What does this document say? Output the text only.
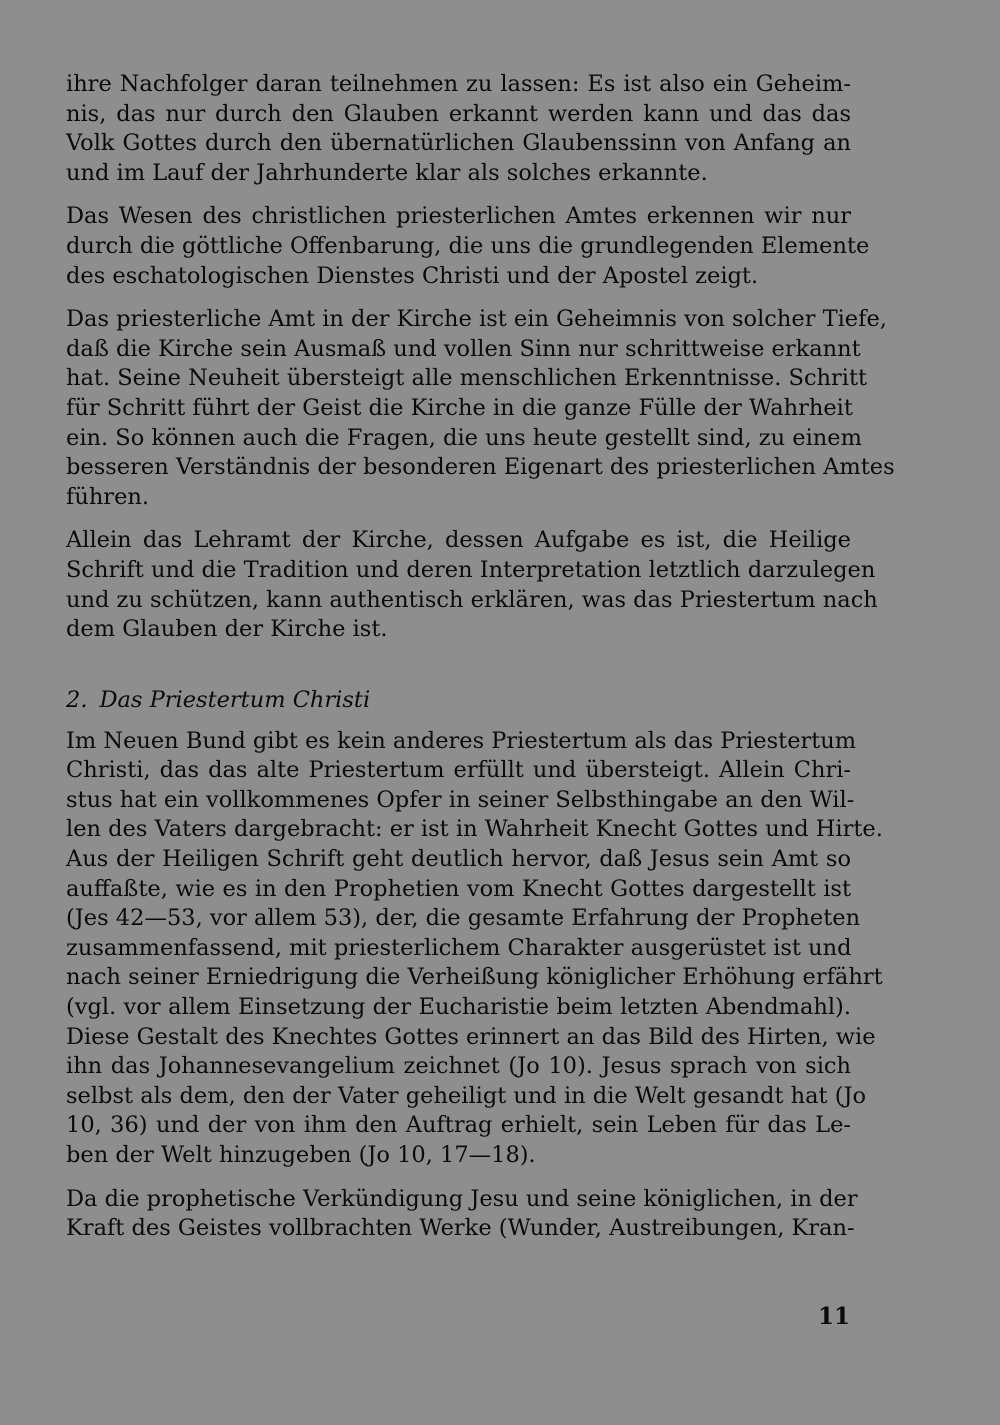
ihre Nachfolger daran teilnehmen zu lassen: Es ist also ein Geheim-
nis, das nur durch den Glauben erkannt werden kann und das das
Volk Gottes durch den übernatürlichen Glaubenssinn von Anfang an
und im Lauf der Jahrhunderte klar als solches erkannte.

Das Wesen des christlichen priesterlichen Amtes erkennen wir nur
durch die göttliche Offenbarung, die uns die grundlegenden Elemente
des eschatologischen Dienstes Christi und der Apostel zeigt.

Das priesterliche Amt in der Kirche ist ein Geheimnis von solcher Tiefe,
daß die Kirche sein Ausmaß und vollen Sinn nur schrittweise erkannt
hat. Seine Neuheit übersteigt alle menschlichen Erkenntnisse. Schritt
für Schritt führt der Geist die Kirche in die ganze Fülle der Wahrheit
ein. So können auch die Fragen, die uns heute gestellt sind, zu einem
besseren Verständnis der besonderen Eigenart des priesterlichen Amtes
führen.

Allein das Lehramt der Kirche, dessen Aufgabe es ist, die Heilige
Schrift und die Tradition und deren Interpretation letztlich darzulegen
und zu schützen, kann authentisch erklären, was das Priestertum nach
dem Glauben der Kirche ist.

2. Das Priestertum Christi

Im Neuen Bund gibt es kein anderes Priestertum als das Priestertum
Christi, das das alte Priestertum erfüllt und übersteigt. Allein Chri-
stus hat ein vollkommenes Opfer in seiner Selbsthingabe an den Wil-
len des Vaters dargebracht: er ist in Wahrheit Knecht Gottes und Hirte.
Aus der Heiligen Schrift geht deutlich hervor, daß Jesus sein Amt so
auffaßte, wie es in den Prophetien vom Knecht Gottes dargestellt ist
(Jes 42—53, vor allem 53), der, die gesamte Erfahrung der Propheten
zusammenfassend, mit priesterlichem Charakter ausgerüstet ist und
nach seiner Erniedrigung die Verheißung königlicher Erhöhung erfährt
(vgl. vor allem Einsetzung der Eucharistie beim letzten Abendmahl).
Diese Gestalt des Knechtes Gottes erinnert an das Bild des Hirten, wie
ihn das Johannesevangelium zeichnet (Jo 10). Jesus sprach von sich
selbst als dem, den der Vater geheiligt und in die Welt gesandt hat (Jo
10, 36) und der von ihm den Auftrag erhielt, sein Leben für das Le-
ben der Welt hinzugeben (Jo 10, 17—18).

Da die prophetische Verkündigung Jesu und seine königlichen, in der
Kraft des Geistes vollbrachten Werke (Wunder, Austreibungen, Kran-

11
